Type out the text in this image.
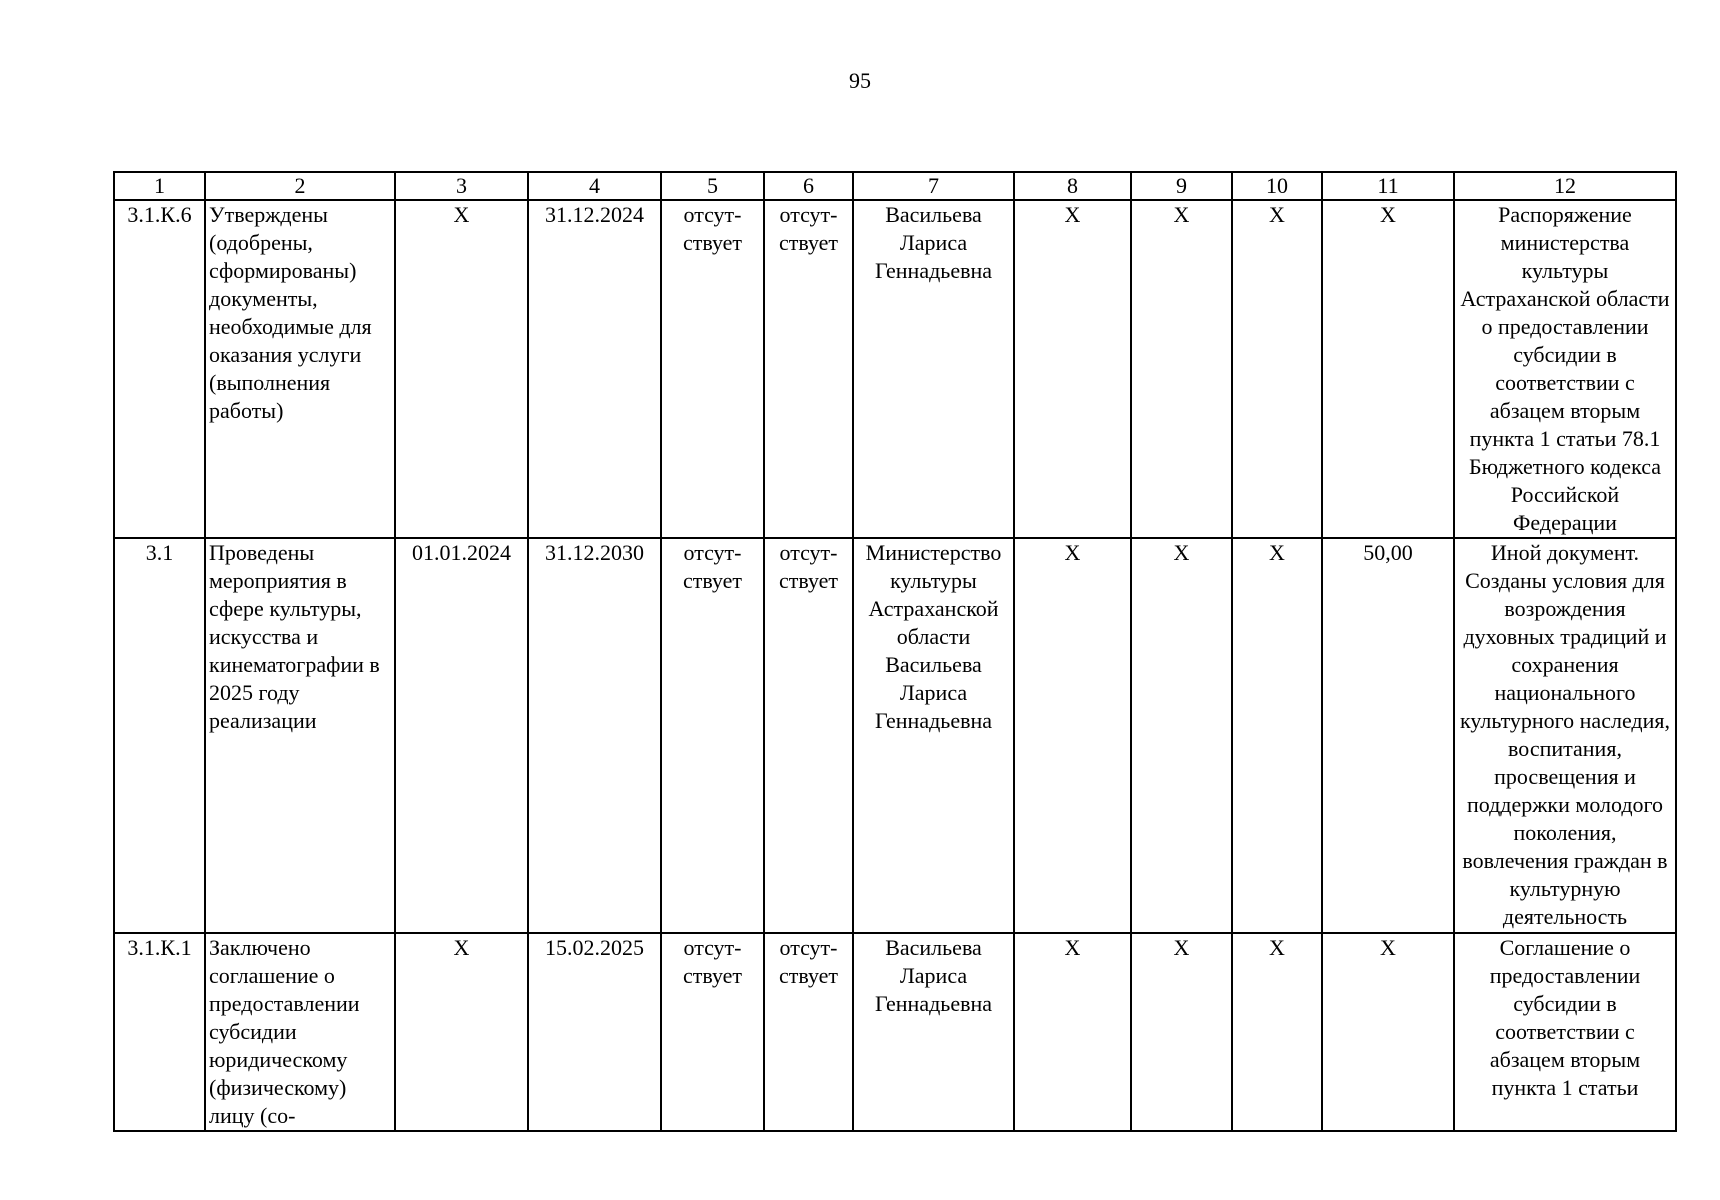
95
1	2	3	4	5	6	7	8	9	10	11	12
3.1.К.6	Утверждены (одобрены, сформированы) документы, необходимые для оказания услуги (выполнения работы)	Х	31.12.2024	отсут-ствует	отсут-ствует	Васильева Лариса Геннадьевна	Х	Х	Х	Х	Распоряжение министерства культуры Астраханской области о предоставлении субсидии в соответствии с абзацем вторым пункта 1 статьи 78.1 Бюджетного кодекса Российской Федерации
3.1	Проведены мероприятия в сфере культуры, искусства и кинематографии в 2025 году реализации	01.01.2024	31.12.2030	отсут-ствует	отсут-ствует	Министерство культуры Астраханской области Васильева Лариса Геннадьевна	Х	Х	Х	50,00	Иной документ. Созданы условия для возрождения духовных традиций и сохранения национального культурного наследия, воспитания, просвещения и поддержки молодого поколения, вовлечения граждан в культурную деятельность
3.1.К.1	Заключено соглашение о предоставлении субсидии юридическому (физическому) лицу (со-	Х	15.02.2025	отсут-ствует	отсут-ствует	Васильева Лариса Геннадьевна	Х	Х	Х	Х	Соглашение о предоставлении субсидии в соответствии с абзацем вторым пункта 1 статьи
